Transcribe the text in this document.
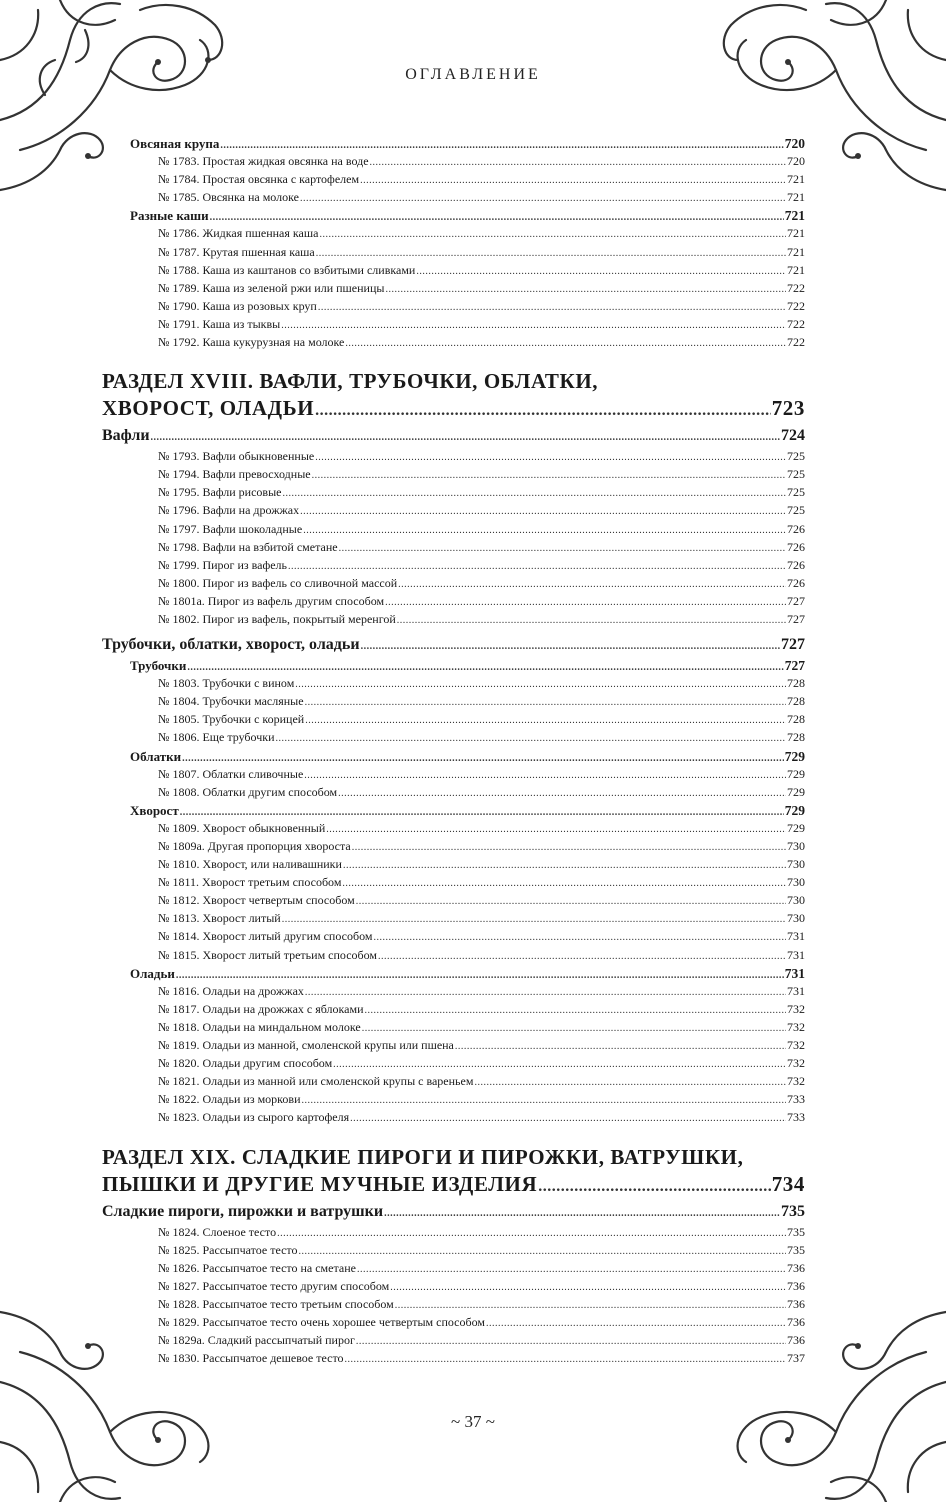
ОГЛАВЛЕНИЕ
Овсяная крупа .....	720
№ 1783. Простая жидкая овсянка на воде .....	720
№ 1784. Простая овсянка с картофелем .....	721
№ 1785. Овсянка на молоке .....	721
Разные каши .....	721
№ 1786. Жидкая пшенная каша .....	721
№ 1787. Крутая пшенная каша .....	721
№ 1788. Каша из каштанов со взбитыми сливками .....	721
№ 1789. Каша из зеленой ржи или пшеницы .....	722
№ 1790. Каша из розовых круп .....	722
№ 1791. Каша из тыквы .....	722
№ 1792. Каша кукурузная на молоке .....	722
РАЗДЕЛ XVIII. ВАФЛИ, ТРУБОЧКИ, ОБЛАТКИ,
ХВОРОСТ, ОЛАДЬИ .....	723
Вафли .....	724
№ 1793. Вафли обыкновенные .....	725
№ 1794. Вафли превосходные .....	725
№ 1795. Вафли рисовые .....	725
№ 1796. Вафли на дрожжах .....	725
№ 1797. Вафли шоколадные .....	726
№ 1798. Вафли на взбитой сметане .....	726
№ 1799. Пирог из вафель .....	726
№ 1800. Пирог из вафель со сливочной массой .....	726
№ 1801а. Пирог из вафель другим способом .....	727
№ 1802. Пирог из вафель, покрытый меренгой .....	727
Трубочки, облатки, хворост, оладьи .....	727
Трубочки .....	727
№ 1803. Трубочки с вином .....	728
№ 1804. Трубочки масляные .....	728
№ 1805. Трубочки с корицей .....	728
№ 1806. Еще трубочки .....	728
Облатки .....	729
№ 1807. Облатки сливочные .....	729
№ 1808. Облатки другим способом .....	729
Хворост .....	729
№ 1809. Хворост обыкновенный .....	729
№ 1809а. Другая пропорция хвороста .....	730
№ 1810. Хворост, или наливашники .....	730
№ 1811. Хворост третьим способом .....	730
№ 1812. Хворост четвертым способом .....	730
№ 1813. Хворост литый .....	730
№ 1814. Хворост литый другим способом .....	731
№ 1815. Хворост литый третьим способом .....	731
Оладьи .....	731
№ 1816. Оладьи на дрожжах .....	731
№ 1817. Оладьи на дрожжах с яблоками .....	732
№ 1818. Оладьи на миндальном молоке .....	732
№ 1819. Оладьи из манной, смоленской крупы или пшена .....	732
№ 1820. Оладьи другим способом .....	732
№ 1821. Оладьи из манной или смоленской крупы с вареньем .....	732
№ 1822. Оладьи из моркови .....	733
№ 1823. Оладьи из сырого картофеля .....	733
РАЗДЕЛ XIX. СЛАДКИЕ ПИРОГИ И ПИРОЖКИ, ВАТРУШКИ,
ПЫШКИ И ДРУГИЕ МУЧНЫЕ ИЗДЕЛИЯ .....	734
Сладкие пироги, пирожки и ватрушки .....	735
№ 1824. Слоеное тесто .....	735
№ 1825. Рассыпчатое тесто .....	735
№ 1826. Рассыпчатое тесто на сметане .....	736
№ 1827. Рассыпчатое тесто другим способом .....	736
№ 1828. Рассыпчатое тесто третьим способом .....	736
№ 1829. Рассыпчатое тесто очень хорошее четвертым способом .....	736
№ 1829а. Сладкий рассыпчатый пирог .....	736
№ 1830. Рассыпчатое дешевое тесто .....	737
~ 37 ~
